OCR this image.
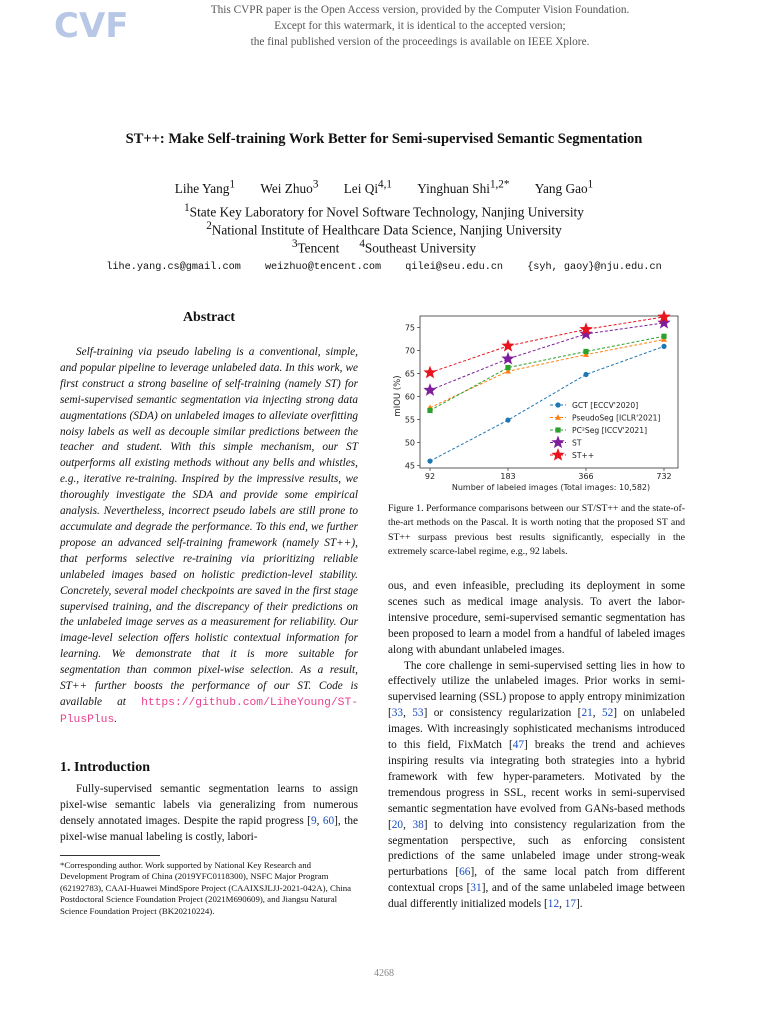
CVF	This CVPR paper is the Open Access version, provided by the Computer Vision Foundation.
Except for this watermark, it is identical to the accepted version;
the final published version of the proceedings is available on IEEE Xplore.
ST++: Make Self-training Work Better for Semi-supervised Semantic Segmentation
Lihe Yang$^1$ Wei Zhuo$^3$ Lei Qi$^{4,1}$ Yinghuan Shi$^{1,2*}$ Yang Gao$^1$
$^1$State Key Laboratory for Novel Software Technology, Nanjing University
$^2$National Institute of Healthcare Data Science, Nanjing University
$^3$Tencent $^4$Southeast University
lihe.yang.cs@gmail.com weizhuo@tencent.com qilei@seu.edu.cn {syh, gaoy}@nju.edu.cn
Abstract

Self-training via pseudo labeling is a conventional, simple, and popular pipeline to leverage unlabeled data. In this work, we first construct a strong baseline of self-training (namely ST) for semi-supervised semantic segmentation via injecting strong data augmentations (SDA) on unlabeled images to alleviate overfitting noisy labels as well as decouple similar predictions between the teacher and student. With this simple mechanism, our ST outperforms all existing methods without any bells and whistles, e.g., iterative re-training. Inspired by the impressive results, we thoroughly investigate the SDA and provide some empirical analysis. Nevertheless, incorrect pseudo labels are still prone to accumulate and degrade the performance. To this end, we further propose an advanced self-training framework (namely ST++), that performs selective re-training via prioritizing reliable unlabeled images based on holistic prediction-level stability. Concretely, several model checkpoints are saved in the first stage supervised training, and the discrepancy of their predictions on the unlabeled image serves as a measurement for reliability. Our image-level selection offers holistic contextual information for learning. We demonstrate that it is more suitable for segmentation than common pixel-wise selection. As a result, ST++ further boosts the performance of our ST. Code is available at https://github.com/LiheYoung/ST-PlusPlus.

1. Introduction

Fully-supervised semantic segmentation learns to assign pixel-wise semantic labels via generalizing from numerous densely annotated images. Despite the rapid progress [9, 60], the pixel-wise manual labeling is costly, labori-

*Corresponding author. Work supported by National Key Research and Development Program of China (2019YFC0118300), NSFC Major Program (62192783), CAAI-Huawei MindSpore Project (CAAIXSJLJJ-2021-042A), China Postdoctoral Science Foundation Project (2021M690609), and Jiangsu Natural Science Foundation Project (BK20210224).
mIOU (%)
Number of labeled images (Total images: 10,582)
45
50
55
60
65
70
75
92	183	366	732
GCT [ECCV'2020]
PseudoSeg [ICLR'2021]
PC²Seg [ICCV'2021]
ST
ST++
Figure 1. Performance comparisons between our ST/ST++ and the state-of-the-art methods on the Pascal. It is worth noting that the proposed ST and ST++ surpass previous best results significantly, especially in the extremely scarce-label regime, e.g., 92 labels.

ous, and even infeasible, precluding its deployment in some scenes such as medical image analysis. To avert the labor-intensive procedure, semi-supervised semantic segmentation has been proposed to learn a model from a handful of labeled images along with abundant unlabeled images.

The core challenge in semi-supervised setting lies in how to effectively utilize the unlabeled images. Prior works in semi-supervised learning (SSL) propose to apply entropy minimization [33, 53] or consistency regularization [21, 52] on unlabeled images. With increasingly sophisticated mechanisms introduced to this field, FixMatch [47] breaks the trend and achieves inspiring results via integrating both strategies into a hybrid framework with few hyper-parameters. Motivated by the tremendous progress in SSL, recent works in semi-supervised semantic segmentation have evolved from GANs-based methods [20, 38] to delving into consistency regularization from the segmentation perspective, such as enforcing consistent predictions of the same unlabeled image under strong-weak perturbations [66], of the same local patch from different contextual crops [31], and of the same unlabeled image between dual differently initialized models [12, 17].

4268
